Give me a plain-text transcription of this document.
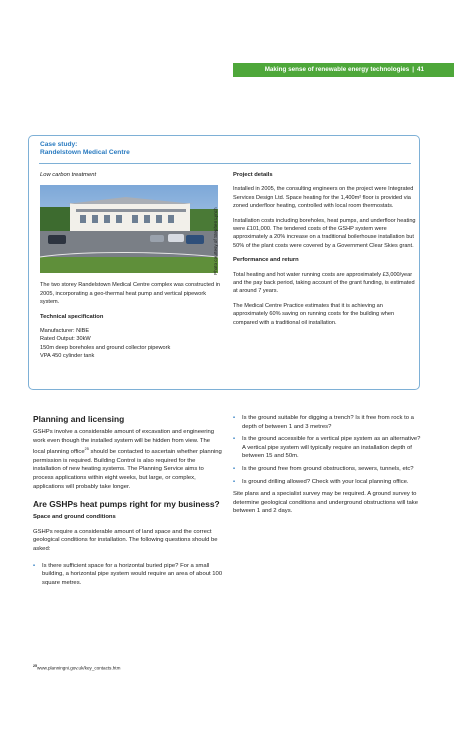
Making sense of renewable energy technologies | 41
Case study:
Randelstown Medical Centre

Low carbon treatment

The two storey Randelstown Medical Centre complex was constructed in 2005, incorporating a geo-thermal heat pump and vertical pipework system.

Technical specification

Manufacturer: NIBE
Rated Output: 30kW
150m deep boreholes and ground collector pipework
VPA 450 cylinder tank
Photo courtesy of Stephen Lynch

Project details

Installed in 2005, the consulting engineers on the project were Integrated Services Design Ltd. Space heating for the 1,400m² floor is provided via zoned underfloor heating, controlled with local room thermostats.

Installation costs including boreholes, heat pumps, and underfloor heating were £101,000. The tendered costs of the GSHP system were approximately a 20% increase on a traditional boilerhouse installation but 50% of the plant costs were covered by a Government Clear Skies grant.

Performance and return

Total heating and hot water running costs are approximately £3,000/year and the pay back period, taking account of the grant funding, is estimated at around 7 years.

The Medical Centre Practice estimates that it is achieving an approximately 60% saving on running costs for the building when compared with a traditional oil installation.

Planning and licensing

GSHPs involve a considerable amount of excavation and engineering work even though the installed system will be hidden from view. The local planning office$^{25}$ should be contacted to ascertain whether planning permission is required. Building Control is also required for the installation of new heating systems. The Planning Service aims to process applications within eight weeks, but large, or complex, applications will probably take longer.

Are GSHPs heat pumps right for my business?
Space and ground conditions

GSHPs require a considerable amount of land space and the correct geological conditions for installation. The following questions should be asked:

• Is there sufficient space for a horizontal buried pipe? For a small building, a horizontal pipe system would require an area of about 100 square metres.
• Is the ground suitable for digging a trench? Is it free from rock to a depth of between 1 and 3 metres?
• Is the ground accessible for a vertical pipe system as an alternative? A vertical pipe system will typically require an installation depth of between 15 and 50m.
• Is the ground free from ground obstructions, sewers, tunnels, etc?
• Is ground drilling allowed? Check with your local planning office.

Site plans and a specialist survey may be required. A ground survey to determine geological conditions and underground obstructions will take between 1 and 2 days.

$^{25}$www.planningni.gov.uk/key_contacts.htm
